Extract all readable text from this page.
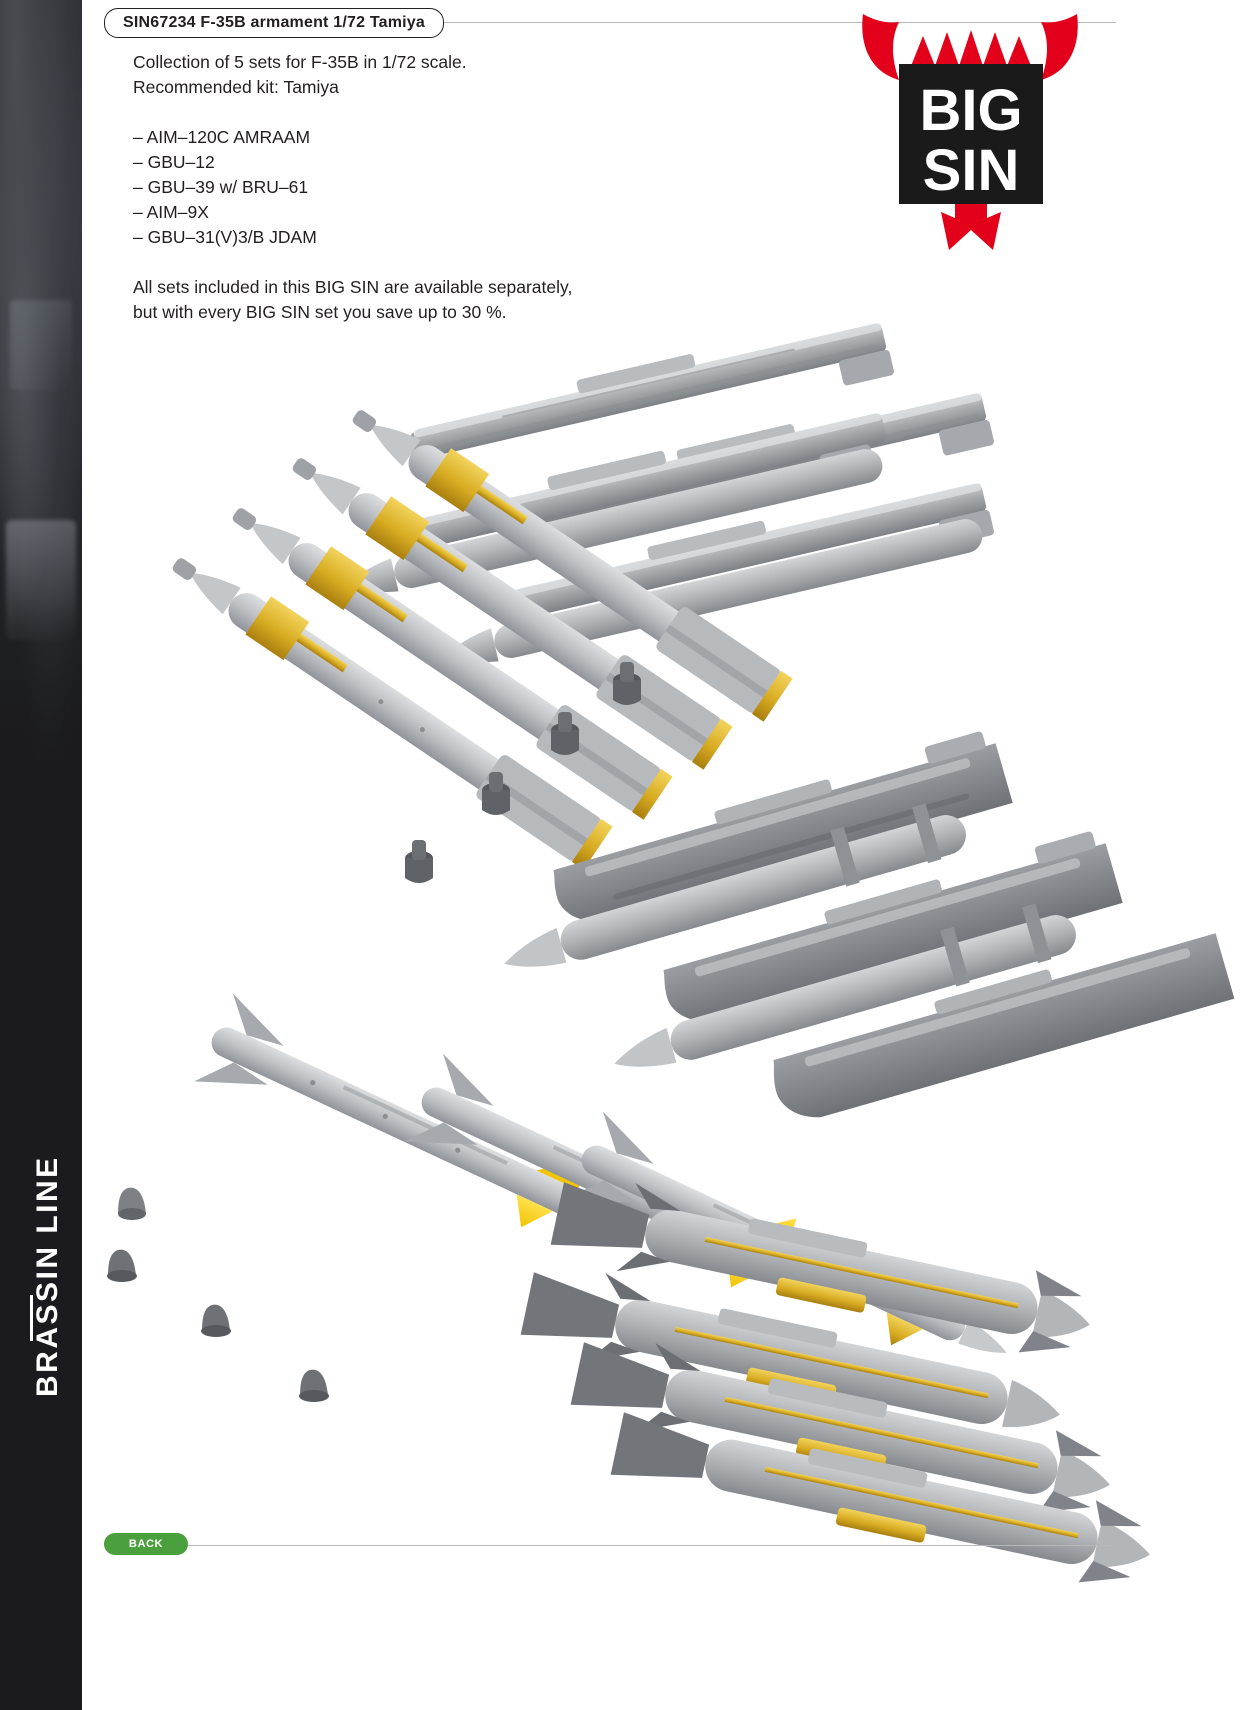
BRASSIN LINE
SIN67234 F-35B armament 1/72 Tamiya

Collection of 5 sets for F-35B in 1/72 scale.

Recommended kit: Tamiya

– AIM–120C AMRAAM
– GBU–12
– GBU–39 w/ BRU–61
– AIM–9X
– GBU–31(V)3/B JDAM

All sets included in this BIG SIN are available separately,

but with every BIG SIN set you save up to 30 %.

BIG
SIN
BACK
